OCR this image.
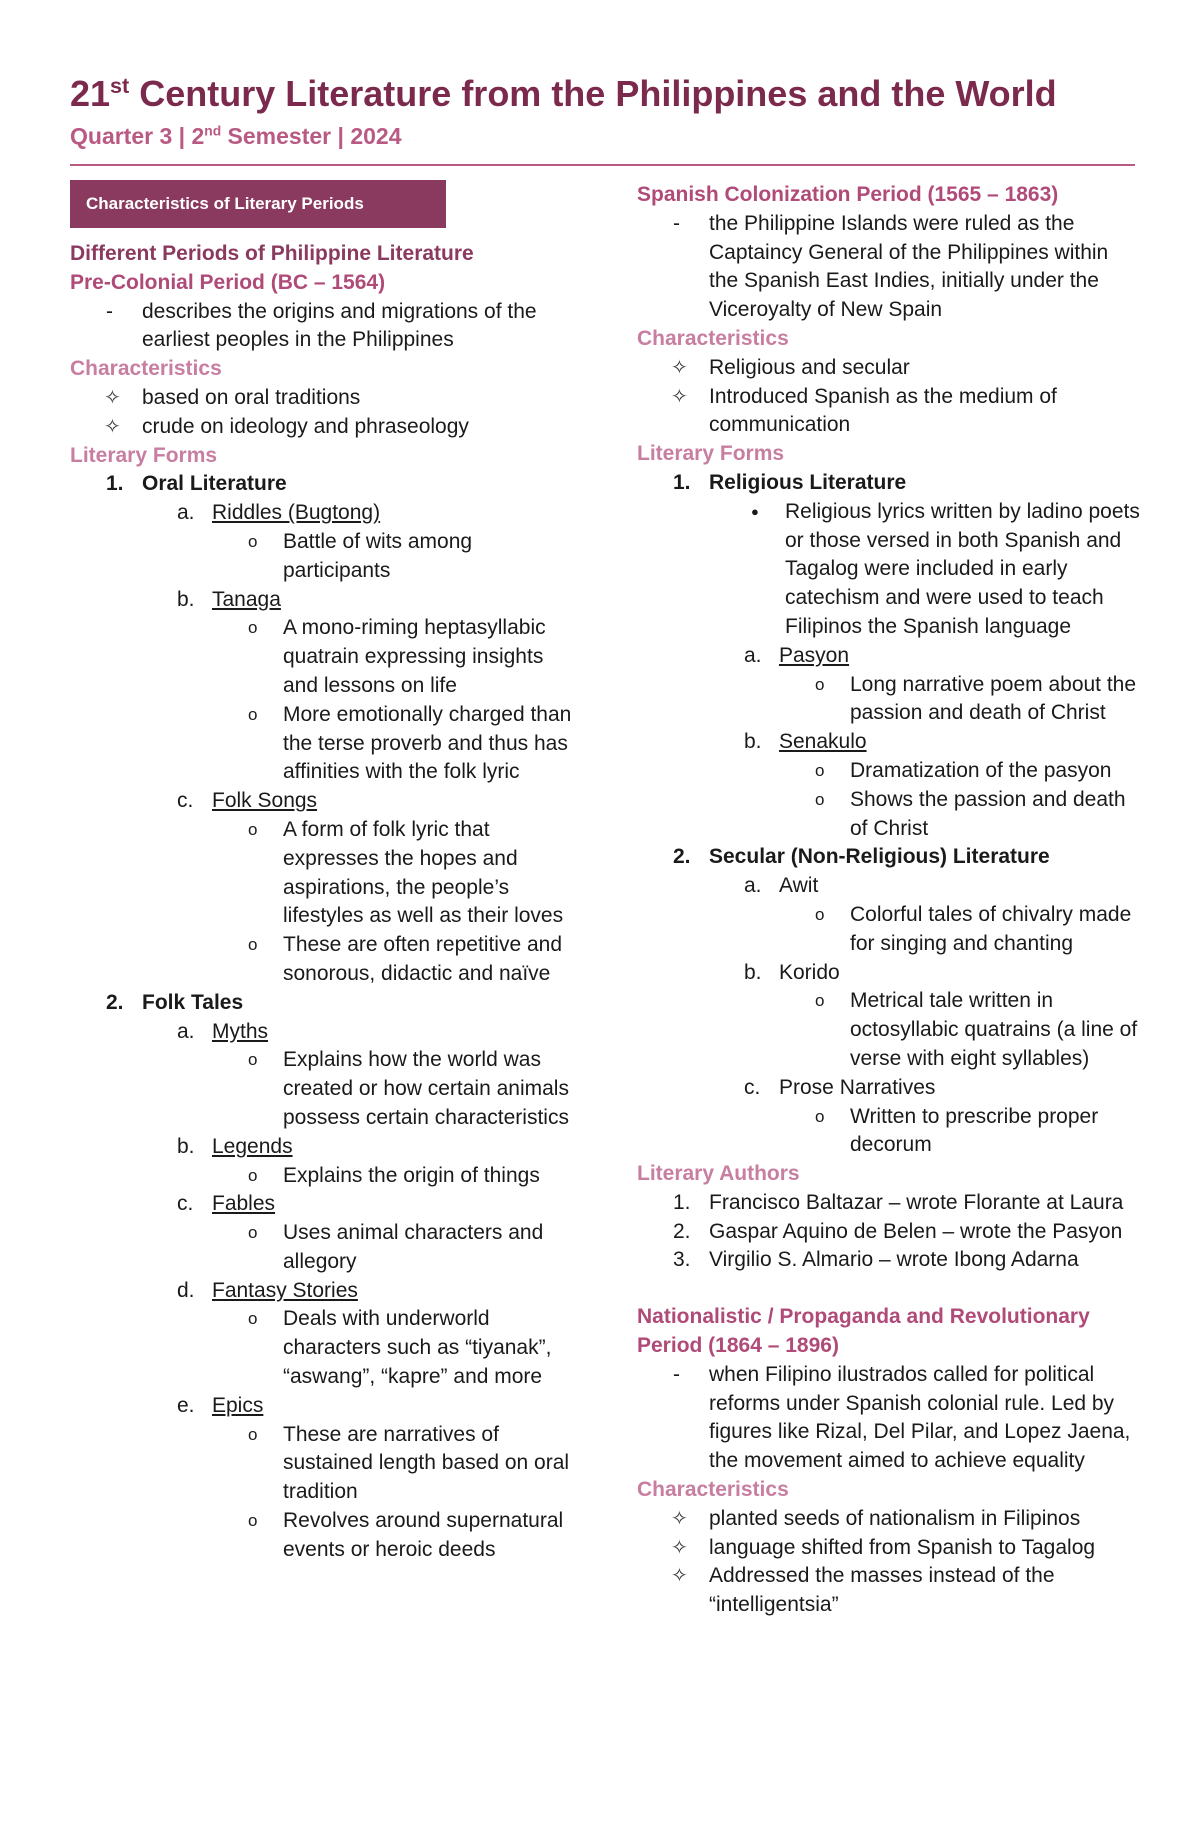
21st Century Literature from the Philippines and the World
Quarter 3 | 2nd Semester | 2024
Characteristics of Literary Periods
Different Periods of Philippine Literature
Pre-Colonial Period (BC – 1564)
- describes the origins and migrations of the earliest peoples in the Philippines
Characteristics
✧ based on oral traditions
✧ crude on ideology and phraseology
Literary Forms
1. Oral Literature
a. Riddles (Bugtong)
o Battle of wits among participants
b. Tanaga
o A mono-riming heptasyllabic quatrain expressing insights and lessons on life
o More emotionally charged than the terse proverb and thus has affinities with the folk lyric
c. Folk Songs
o A form of folk lyric that expresses the hopes and aspirations, the people’s lifestyles as well as their loves
o These are often repetitive and sonorous, didactic and naïve
2. Folk Tales
a. Myths
o Explains how the world was created or how certain animals possess certain characteristics
b. Legends
o Explains the origin of things
c. Fables
o Uses animal characters and allegory
d. Fantasy Stories
o Deals with underworld characters such as “tiyanak”, “aswang”, “kapre” and more
e. Epics
o These are narratives of sustained length based on oral tradition
o Revolves around supernatural events or heroic deeds
Spanish Colonization Period (1565 – 1863)
- the Philippine Islands were ruled as the Captaincy General of the Philippines within the Spanish East Indies, initially under the Viceroyalty of New Spain
Characteristics
✧ Religious and secular
✧ Introduced Spanish as the medium of communication
Literary Forms
1. Religious Literature
● Religious lyrics written by ladino poets or those versed in both Spanish and Tagalog were included in early catechism and were used to teach Filipinos the Spanish language
a. Pasyon
o Long narrative poem about the passion and death of Christ
b. Senakulo
o Dramatization of the pasyon
o Shows the passion and death of Christ
2. Secular (Non-Religious) Literature
a. Awit
o Colorful tales of chivalry made for singing and chanting
b. Korido
o Metrical tale written in octosyllabic quatrains (a line of verse with eight syllables)
c. Prose Narratives
o Written to prescribe proper decorum
Literary Authors
1. Francisco Baltazar – wrote Florante at Laura
2. Gaspar Aquino de Belen – wrote the Pasyon
3. Virgilio S. Almario – wrote Ibong Adarna
Nationalistic / Propaganda and Revolutionary Period (1864 – 1896)
- when Filipino ilustrados called for political reforms under Spanish colonial rule. Led by figures like Rizal, Del Pilar, and Lopez Jaena, the movement aimed to achieve equality
Characteristics
✧ planted seeds of nationalism in Filipinos
✧ language shifted from Spanish to Tagalog
✧ Addressed the masses instead of the “intelligentsia”
